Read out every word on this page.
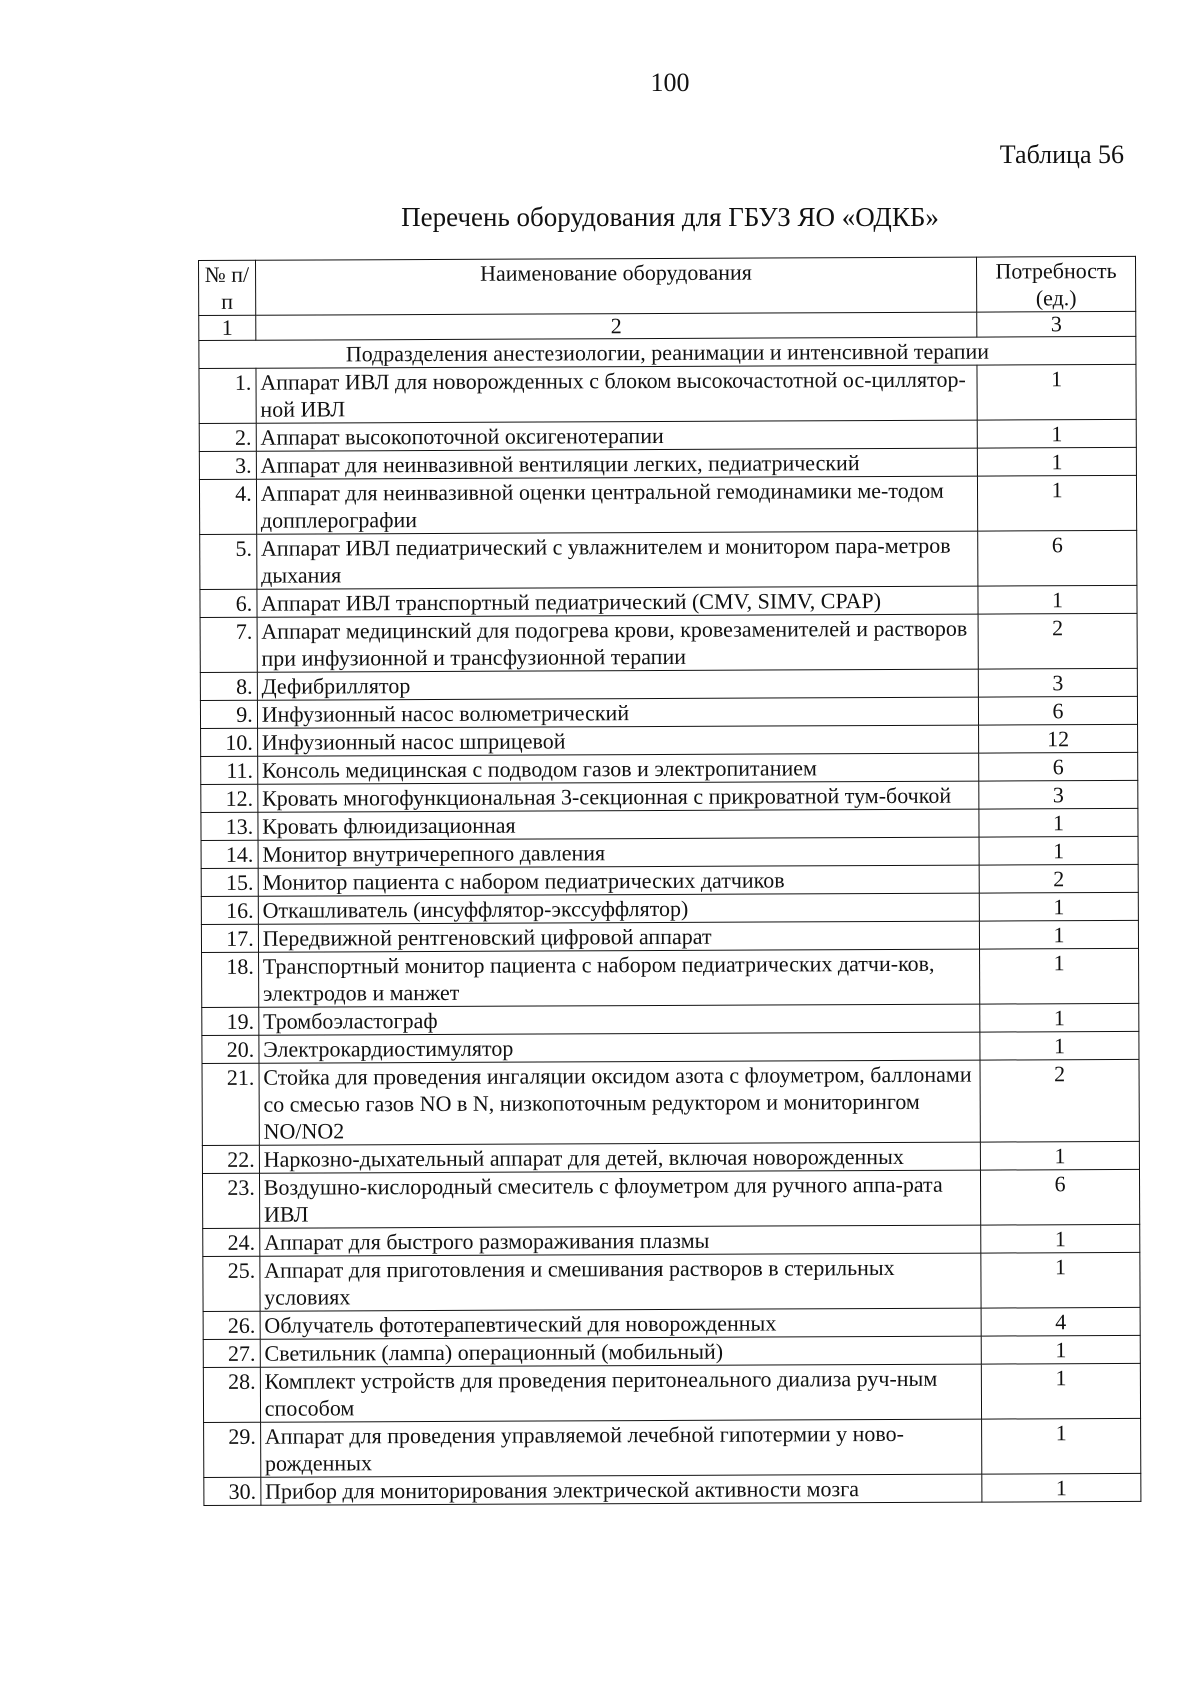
100
Таблица 56
Перечень оборудования для ГБУЗ ЯО «ОДКБ»
№ п/п	Наименование оборудования	Потребность (ед.)
1	2	3
Подразделения анестезиологии, реанимации и интенсивной терапии		
1.	Аппарат ИВЛ для новорожденных с блоком высокочастотной ос-цилляторной ИВЛ	1
2.	Аппарат высокопоточной оксигенотерапии	1
3.	Аппарат для неинвазивной вентиляции легких, педиатрический	1
4.	Аппарат для неинвазивной оценки центральной гемодинамики ме-тодом допплерографии	1
5.	Аппарат ИВЛ педиатрический с увлажнителем и монитором пара-метров дыхания	6
6.	Аппарат ИВЛ транспортный педиатрический (CMV, SIMV, CPAP)	1
7.	Аппарат медицинский для подогрева крови, кровезаменителей и растворов при инфузионной и трансфузионной терапии	2
8.	Дефибриллятор	3
9.	Инфузионный насос волюметрический	6
10.	Инфузионный насос шприцевой	12
11.	Консоль медицинская с подводом газов и электропитанием	6
12.	Кровать многофункциональная 3-секционная с прикроватной тум-бочкой	3
13.	Кровать флюидизационная	1
14.	Монитор внутричерепного давления	1
15.	Монитор пациента с набором педиатрических датчиков	2
16.	Откашливатель (инсуффлятор-экссуффлятор)	1
17.	Передвижной рентгеновский цифровой аппарат	1
18.	Транспортный монитор пациента с набором педиатрических датчи-ков, электродов и манжет	1
19.	Тромбоэластограф	1
20.	Электрокардиостимулятор	1
21.	Стойка для проведения ингаляции оксидом азота с флоуметром, баллонами со смесью газов NO в N, низкопоточным редуктором и мониторингом NO/NO2	2
22.	Наркозно-дыхательный аппарат для детей, включая новорожденных	1
23.	Воздушно-кислородный смеситель с флоуметром для ручного аппа-рата ИВЛ	6
24.	Аппарат для быстрого размораживания плазмы	1
25.	Аппарат для приготовления и смешивания растворов в стерильных условиях	1
26.	Облучатель фототерапевтический для новорожденных	4
27.	Светильник (лампа) операционный (мобильный)	1
28.	Комплект устройств для проведения перитонеального диализа руч-ным способом	1
29.	Аппарат для проведения управляемой лечебной гипотермии у ново-рожденных	1
30.	Прибор для мониторирования электрической активности мозга	1
